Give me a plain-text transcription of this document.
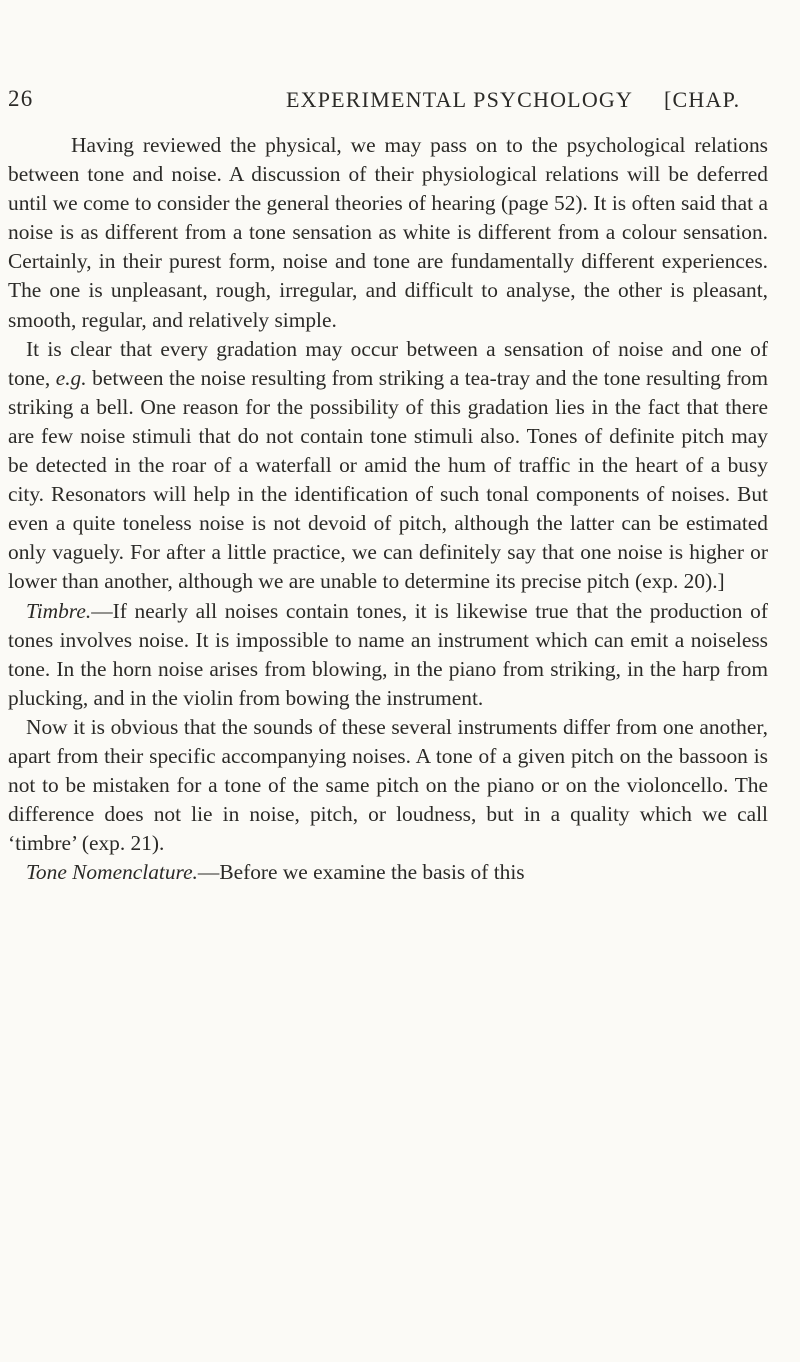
26	EXPERIMENTAL PSYCHOLOGY [CHAP.

Having reviewed the physical, we may pass on to the psychological relations between tone and noise. A discussion of their physiological relations will be deferred until we come to consider the general theories of hearing (page 52). It is often said that a noise is as different from a tone sensation as white is different from a colour sensation. Certainly, in their purest form, noise and tone are fundamentally different experiences. The one is unpleasant, rough, irregular, and difficult to analyse, the other is pleasant, smooth, regular, and relatively simple.

It is clear that every gradation may occur between a sensation of noise and one of tone, e.g. between the noise resulting from striking a tea-tray and the tone resulting from striking a bell. One reason for the possibility of this gradation lies in the fact that there are few noise stimuli that do not contain tone stimuli also. Tones of definite pitch may be detected in the roar of a waterfall or amid the hum of traffic in the heart of a busy city. Resonators will help in the identification of such tonal components of noises. But even a quite toneless noise is not devoid of pitch, although the latter can be estimated only vaguely. For after a little practice, we can definitely say that one noise is higher or lower than another, although we are unable to determine its precise pitch (exp. 20).]

Timbre.—If nearly all noises contain tones, it is likewise true that the production of tones involves noise. It is impossible to name an instrument which can emit a noiseless tone. In the horn noise arises from blowing, in the piano from striking, in the harp from plucking, and in the violin from bowing the instrument.

Now it is obvious that the sounds of these several instruments differ from one another, apart from their specific accompanying noises. A tone of a given pitch on the bassoon is not to be mistaken for a tone of the same pitch on the piano or on the violoncello. The difference does not lie in noise, pitch, or loudness, but in a quality which we call ‘timbre’ (exp. 21).

Tone Nomenclature.—Before we examine the basis of this
